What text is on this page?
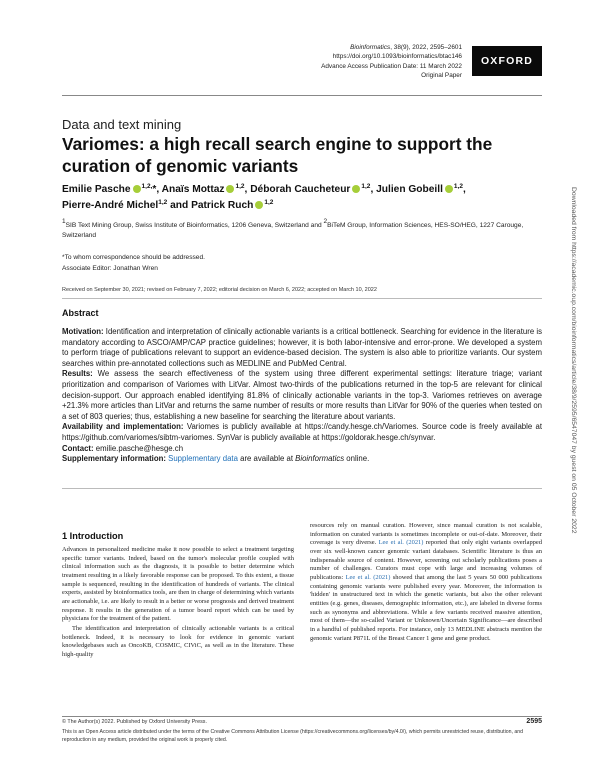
Bioinformatics, 38(9), 2022, 2595–2601
https://doi.org/10.1093/bioinformatics/btac146
Advance Access Publication Date: 11 March 2022
Original Paper
OXFORD
Data and text mining
Variomes: a high recall search engine to support the curation of genomic variants
Emilie Pasche $^{1,2,}$*, Anaïs Mottaz $^{1,2}$, Déborah Caucheteur $^{1,2}$, Julien Gobeill $^{1,2}$,
Pierre-André Michel$^{1,2}$ and Patrick Ruch $^{1,2}$
$^1$SIB Text Mining Group, Swiss Institute of Bioinformatics, 1206 Geneva, Switzerland and $^2$BiTeM Group, Information Sciences, HES-SO/HEG, 1227 Carouge, Switzerland
*To whom correspondence should be addressed.
Associate Editor: Jonathan Wren
Received on September 30, 2021; revised on February 7, 2022; editorial decision on March 6, 2022; accepted on March 10, 2022
Abstract

Motivation: Identification and interpretation of clinically actionable variants is a critical bottleneck. Searching for evidence in the literature is mandatory according to ASCO/AMP/CAP practice guidelines; however, it is both labor-intensive and error-prone. We developed a system to perform triage of publications relevant to support an evidence-based decision. The system is also able to prioritize variants. Our system searches within pre-annotated collections such as MEDLINE and PubMed Central.

Results: We assess the search effectiveness of the system using three different experimental settings: literature triage; variant prioritization and comparison of Variomes with LitVar. Almost two-thirds of the publications returned in the top-5 are relevant for clinical decision-support. Our approach enabled identifying 81.8% of clinically actionable variants in the top-3. Variomes retrieves on average +21.3% more articles than LitVar and returns the same number of results or more results than LitVar for 90% of the queries when tested on a set of 803 queries; thus, establishing a new baseline for searching the literature about variants.

Availability and implementation: Variomes is publicly available at https://candy.hesge.ch/Variomes. Source code is freely available at https://github.com/variomes/sibtm-variomes. SynVar is publicly available at https://goldorak.hesge.ch/synvar.

Contact: emilie.pasche@hesge.ch

Supplementary information: Supplementary data are available at Bioinformatics online.

1 Introduction

Advances in personalized medicine make it now possible to select a treatment targeting specific tumor variants. Indeed, based on the tumor's molecular profile coupled with clinical information such as the diagnosis, it is possible to better determine which treatment resulting in a likely favorable response can be proposed. To this extent, a tissue sample is sequenced, resulting in the identification of hundreds of variants. The clinical experts, assisted by bioinformatics tools, are then in charge of determining which variants are actionable, i.e. are likely to result in a better or worse prognosis and derived treatment response. It results in the generation of a tumor board report which can be used by physicians for the treatment of the patient.

The identification and interpretation of clinically actionable variants is a critical bottleneck. Indeed, it is necessary to look for evidence in genomic variant knowledgebases such as OncoKB, COSMIC, CIViC, as well as in the literature. These high-quality

resources rely on manual curation. However, since manual curation is not scalable, information on curated variants is sometimes incomplete or out-of-date. Moreover, their coverage is very diverse. Lee et al. (2021) reported that only eight variants overlapped over six well-known cancer genomic variant databases. Scientific literature is thus an indispensable source of content. However, screening out scholarly publications poses a number of challenges. Curators must cope with large and increasing volumes of publications: Lee et al. (2021) showed that among the last 5 years 50 000 publications containing genomic variants were published every year. Moreover, the information is 'hidden' in unstructured text in which the genetic variants, but also the other relevant entities (e.g. genes, diseases, demographic information, etc.), are labeled in diverse forms such as synonyms and abbreviations. While a few variants received massive attention, most of them—the so-called Variant or Unknown/Uncertain Significance—are described in a handful of published reports. For instance, only 13 MEDLINE abstracts mention the genomic variant P871L of the Breast Cancer 1 gene and gene product.

© The Author(s) 2022. Published by Oxford University Press.	2595
This is an Open Access article distributed under the terms of the Creative Commons Attribution License (https://creativecommons.org/licenses/by/4.0/), which permits unrestricted reuse, distribution, and reproduction in any medium, provided the original work is properly cited.
Downloaded from https://academic.oup.com/bioinformatics/article/38/9/2595/6547047 by guest on 05 October 2022
